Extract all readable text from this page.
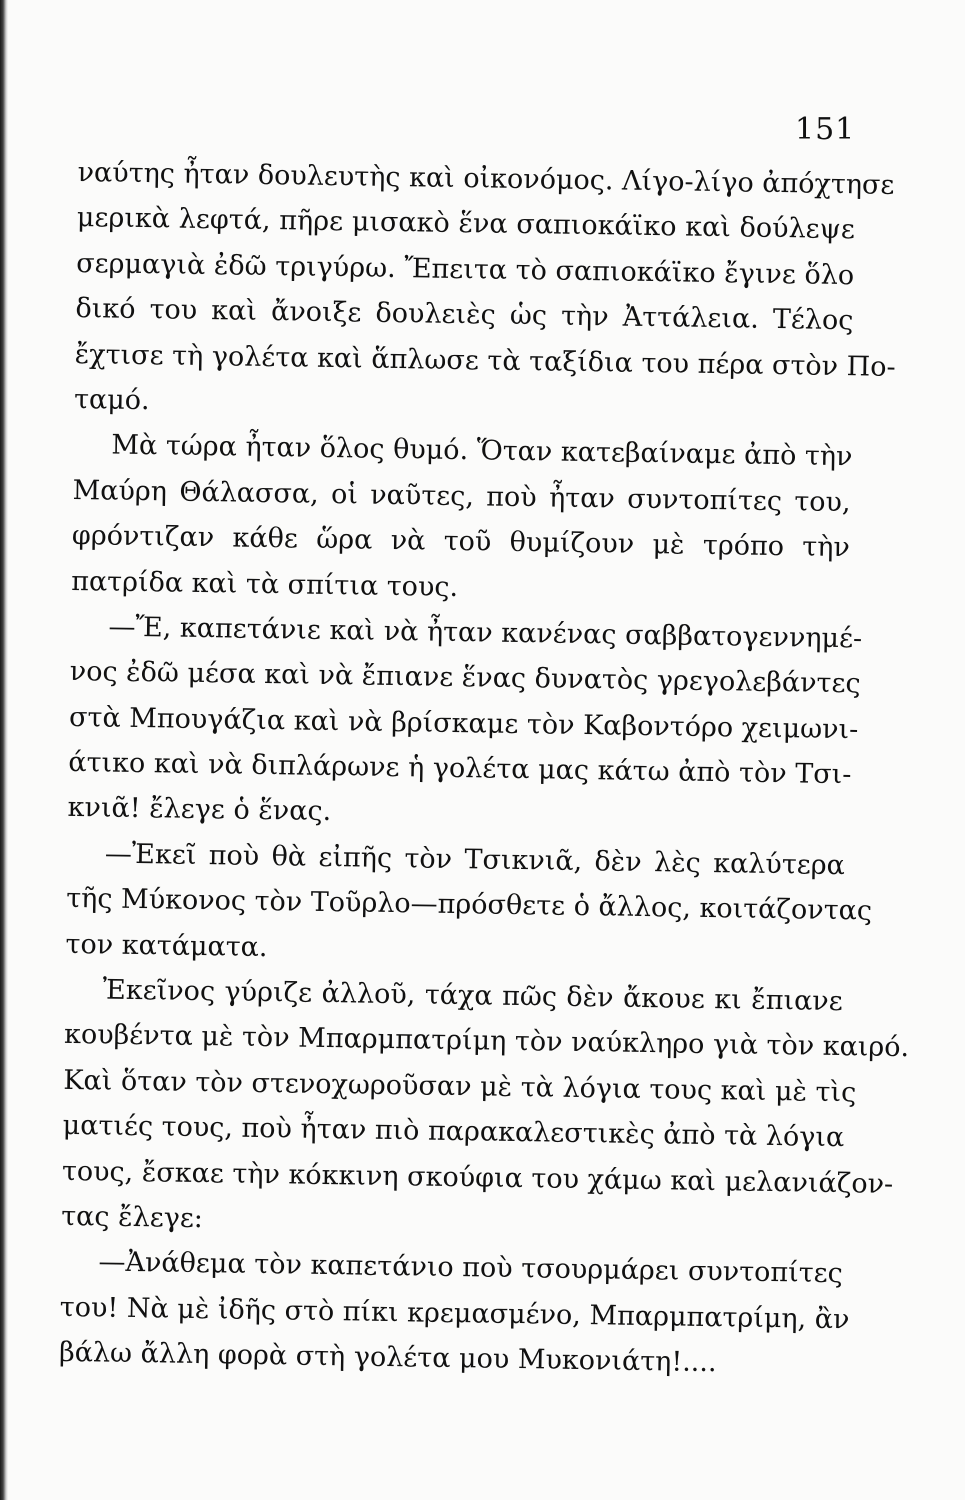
151
ναύτης ἦταν δουλευτὴς καὶ οἰκονόμος. Λίγο-λίγο ἀπόχτησε
μερικὰ λεφτά, πῆρε μισακὸ ἕνα σαπιοκάϊκο καὶ δούλεψε
σερμαγιὰ ἐδῶ τριγύρω. Ἔπειτα τὸ σαπιοκάϊκο ἔγινε ὅλο
δικό του καὶ ἄνοιξε δουλειὲς ὡς τὴν Ἀττάλεια. Τέλος
ἔχτισε τὴ γολέτα καὶ ἅπλωσε τὰ ταξίδια του πέρα στὸν Πο-
ταμό.
Μὰ τώρα ἦταν ὅλος θυμό. Ὅταν κατεβαίναμε ἀπὸ τὴν
Μαύρη Θάλασσα, οἱ ναῦτες, ποὺ ἦταν συντοπίτες του,
φρόντιζαν κάθε ὥρα νὰ τοῦ θυμίζουν μὲ τρόπο τὴν
πατρίδα καὶ τὰ σπίτια τους.
—Ἔ, καπετάνιε καὶ νὰ ἦταν κανένας σαββατογεννημέ-
νος ἐδῶ μέσα καὶ νὰ ἔπιανε ἕνας δυνατὸς γρεγολεβάντες
στὰ Μπουγάζια καὶ νὰ βρίσκαμε τὸν Καβοντόρο χειμωνι-
άτικο καὶ νὰ διπλάρωνε ἡ γολέτα μας κάτω ἀπὸ τὸν Τσι-
κνιᾶ! ἔλεγε ὁ ἕνας.
—Ἐκεῖ ποὺ θὰ εἰπῆς τὸν Τσικνιᾶ, δὲν λὲς καλύτερα
τῆς Μύκονος τὸν Τοῦρλο—πρόσθετε ὁ ἄλλος, κοιτάζοντας
τον κατάματα.
Ἐκεῖνος γύριζε ἀλλοῦ, τάχα πῶς δὲν ἄκουε κι ἔπιανε
κουβέντα μὲ τὸν Μπαρμπατρίμη τὸν ναύκληρο γιὰ τὸν καιρό.
Καὶ ὅταν τὸν στενοχωροῦσαν μὲ τὰ λόγια τους καὶ μὲ τὶς
ματιές τους, ποὺ ἦταν πιὸ παρακαλεστικὲς ἀπὸ τὰ λόγια
τους, ἔσκαε τὴν κόκκινη σκούφια του χάμω καὶ μελανιάζον-
τας ἔλεγε:
—Ἀνάθεμα τὸν καπετάνιο ποὺ τσουρμάρει συντοπίτες
του! Νὰ μὲ ἰδῆς στὸ πίκι κρεμασμένο, Μπαρμπατρίμη, ἂν
βάλω ἄλλη φορὰ στὴ γολέτα μου Μυκονιάτη!....
